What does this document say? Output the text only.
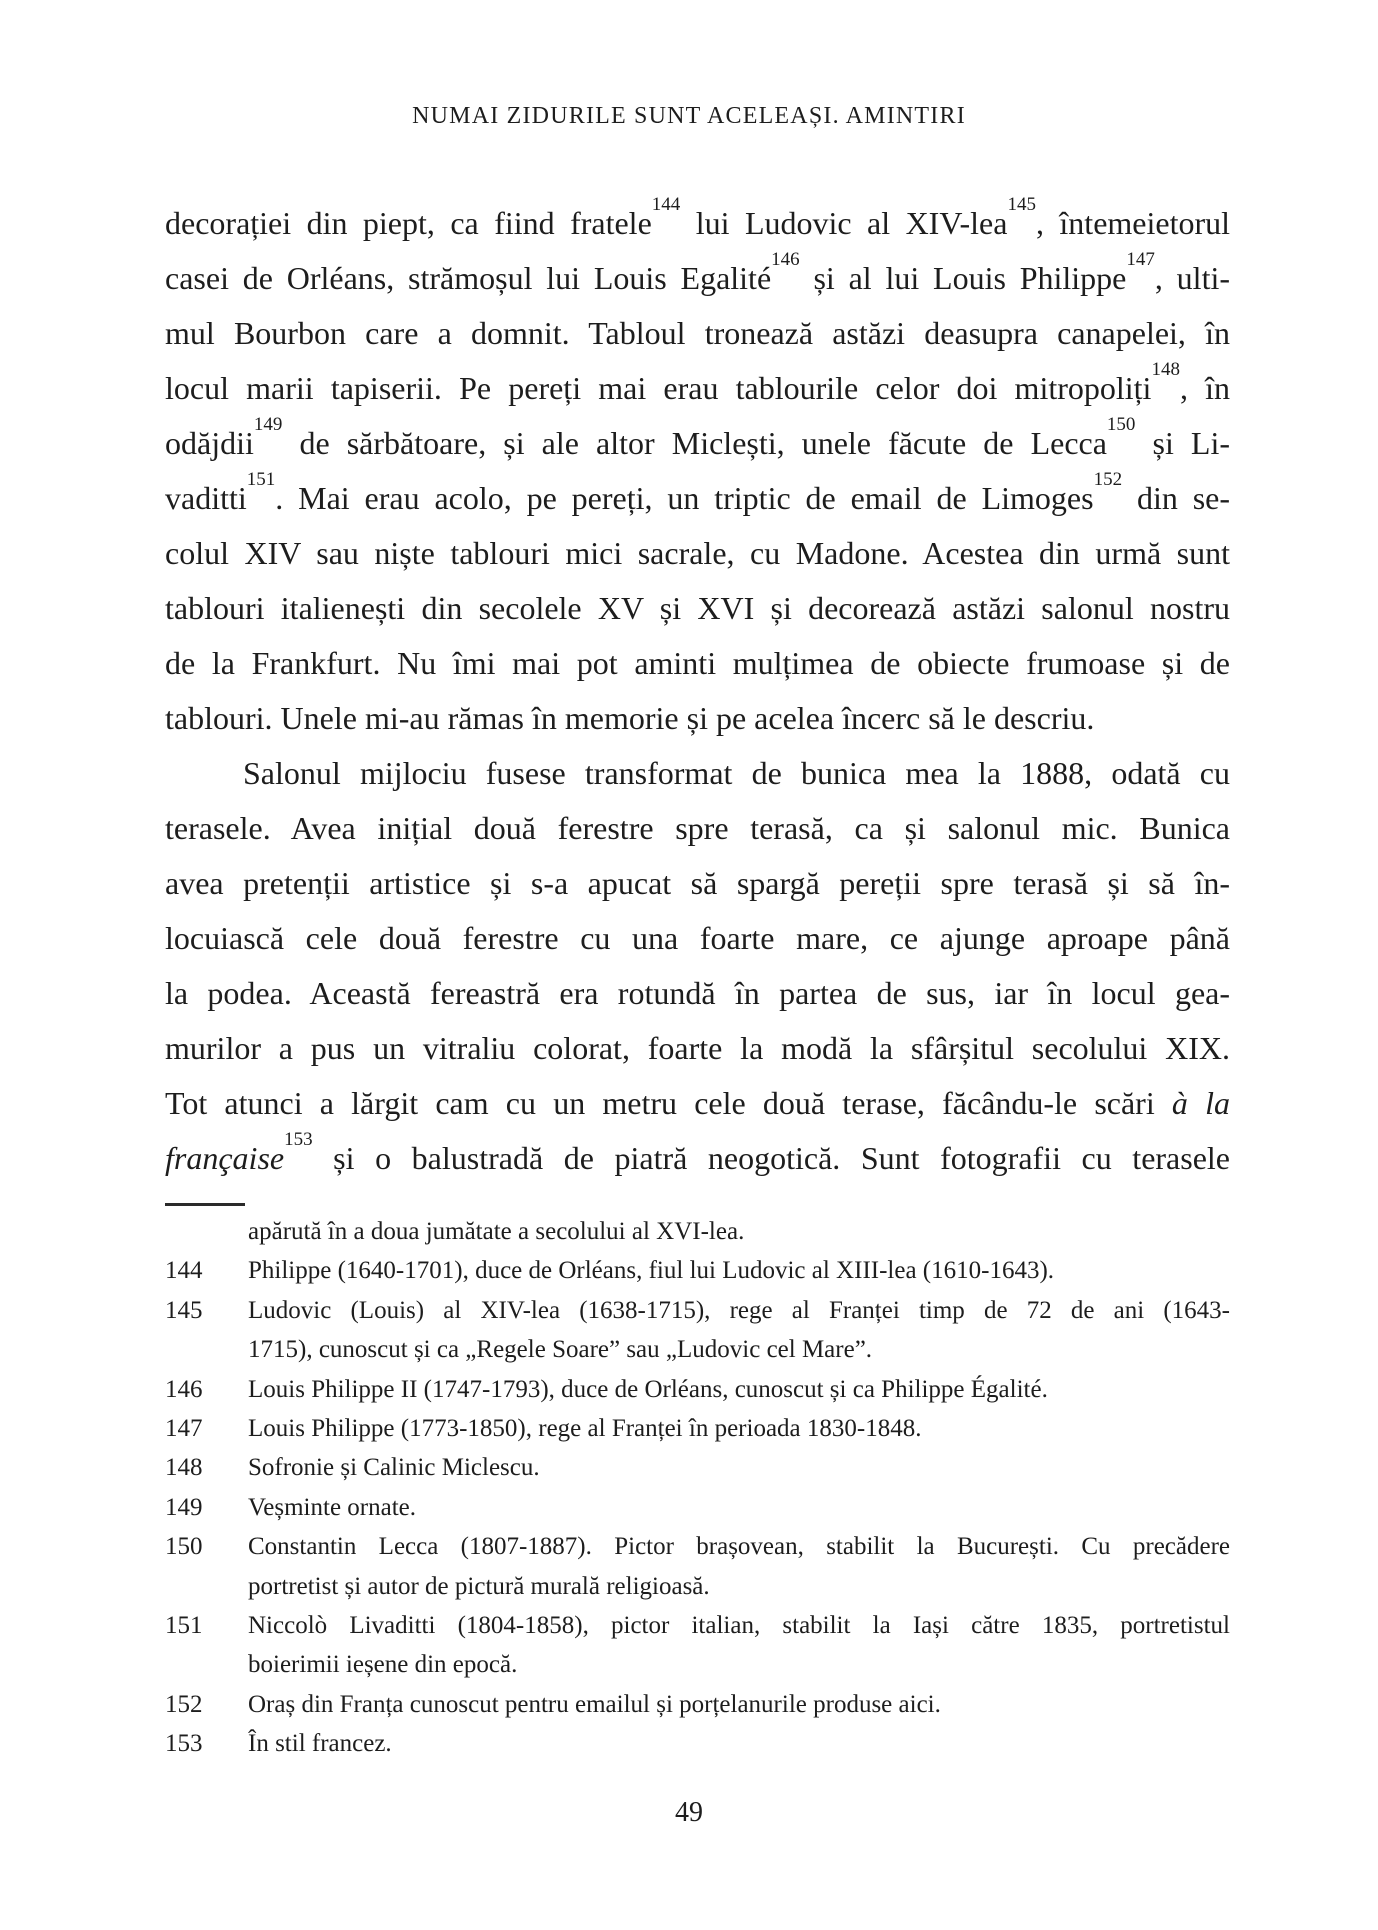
NUMAI ZIDURILE SUNT ACELEAȘI. AMINTIRI
decorației din piept, ca fiind fratele$^{144}$ lui Ludovic al XIV-lea$^{145}$, întemeietorul
casei de Orléans, strămoșul lui Louis Egalité$^{146}$ și al lui Louis Philippe$^{147}$, ulti-
mul Bourbon care a domnit. Tabloul tronează astăzi deasupra canapelei, în
locul marii tapiserii. Pe pereți mai erau tablourile celor doi mitropoliți$^{148}$, în
odăjdii$^{149}$ de sărbătoare, și ale altor Miclești, unele făcute de Lecca$^{150}$ și Li-
vaditti$^{151}$. Mai erau acolo, pe pereți, un triptic de email de Limoges$^{152}$ din se-
colul XIV sau niște tablouri mici sacrale, cu Madone. Acestea din urmă sunt
tablouri italienești din secolele XV și XVI și decorează astăzi salonul nostru
de la Frankfurt. Nu îmi mai pot aminti mulțimea de obiecte frumoase și de
tablouri. Unele mi-au rămas în memorie și pe acelea încerc să le descriu.
Salonul mijlociu fusese transformat de bunica mea la 1888, odată cu
terasele. Avea inițial două ferestre spre terasă, ca și salonul mic. Bunica
avea pretenții artistice și s-a apucat să spargă pereții spre terasă și să în-
locuiască cele două ferestre cu una foarte mare, ce ajunge aproape până
la podea. Această fereastră era rotundă în partea de sus, iar în locul gea-
murilor a pus un vitraliu colorat, foarte la modă la sfârșitul secolului XIX.
Tot atunci a lărgit cam cu un metru cele două terase, făcându-le scări à la
française$^{153}$ și o balustradă de piatră neogotică. Sunt fotografii cu terasele
apărută în a doua jumătate a secolului al XVI-lea.
144	Philippe (1640-1701), duce de Orléans, fiul lui Ludovic al XIII-lea (1610-1643).
145	Ludovic (Louis) al XIV-lea (1638-1715), rege al Franței timp de 72 de ani (1643-
1715), cunoscut și ca „Regele Soare” sau „Ludovic cel Mare”.
146	Louis Philippe II (1747-1793), duce de Orléans, cunoscut și ca Philippe Égalité.
147	Louis Philippe (1773-1850), rege al Franței în perioada 1830-1848.
148	Sofronie și Calinic Miclescu.
149	Veșminte ornate.
150	Constantin Lecca (1807-1887). Pictor brașovean, stabilit la București. Cu precădere
portretist și autor de pictură murală religioasă.
151	Niccolò Livaditti (1804-1858), pictor italian, stabilit la Iași către 1835, portretistul
boierimii ieșene din epocă.
152	Oraș din Franța cunoscut pentru emailul și porțelanurile produse aici.
153	În stil francez.
49
